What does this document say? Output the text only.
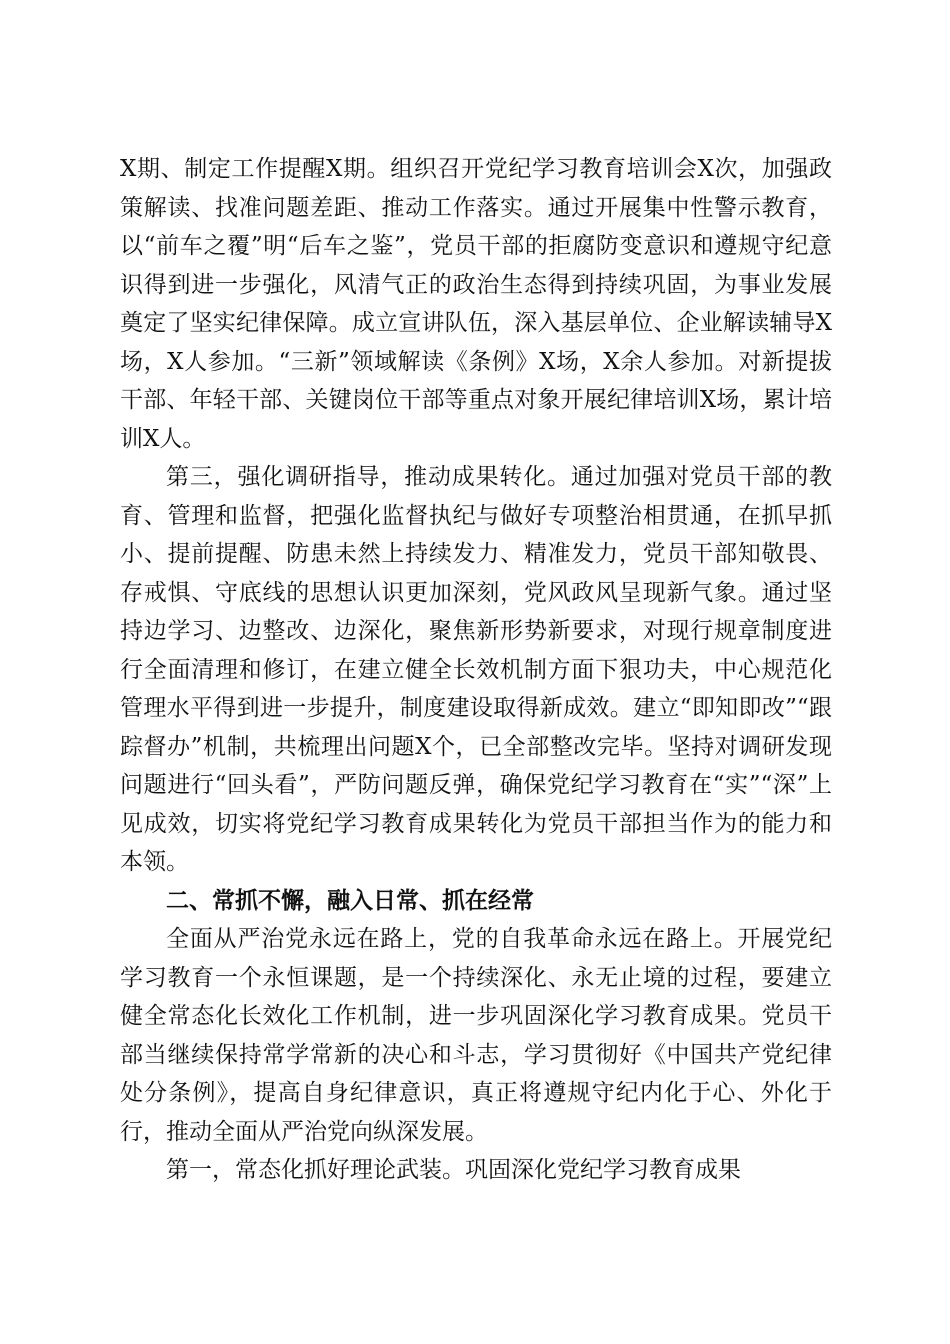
X期、制定工作提醒X期。组织召开党纪学习教育培训会X次，加强政策解读、找准问题差距、推动工作落实。通过开展集中性警示教育，以“前车之覆”明“后车之鉴”，党员干部的拒腐防变意识和遵规守纪意识得到进一步强化，风清气正的政治生态得到持续巩固，为事业发展奠定了坚实纪律保障。成立宣讲队伍，深入基层单位、企业解读辅导X场，X人参加。“三新”领域解读《条例》X场，X余人参加。对新提拔干部、年轻干部、关键岗位干部等重点对象开展纪律培训X场，累计培训X人。

第三，强化调研指导，推动成果转化。通过加强对党员干部的教育、管理和监督，把强化监督执纪与做好专项整治相贯通，在抓早抓小、提前提醒、防患未然上持续发力、精准发力，党员干部知敬畏、存戒惧、守底线的思想认识更加深刻，党风政风呈现新气象。通过坚持边学习、边整改、边深化，聚焦新形势新要求，对现行规章制度进行全面清理和修订，在建立健全长效机制方面下狠功夫，中心规范化管理水平得到进一步提升，制度建设取得新成效。建立“即知即改”“跟踪督办”机制，共梳理出问题X个，已全部整改完毕。坚持对调研发现问题进行“回头看”，严防问题反弹，确保党纪学习教育在“实”“深”上见成效，切实将党纪学习教育成果转化为党员干部担当作为的能力和本领。

二、常抓不懈，融入日常、抓在经常

全面从严治党永远在路上，党的自我革命永远在路上。开展党纪学习教育一个永恒课题，是一个持续深化、永无止境的过程，要建立健全常态化长效化工作机制，进一步巩固深化学习教育成果。党员干部当继续保持常学常新的决心和斗志，学习贯彻好《中国共产党纪律处分条例》，提高自身纪律意识，真正将遵规守纪内化于心、外化于行，推动全面从严治党向纵深发展。

第一，常态化抓好理论武装。巩固深化党纪学习教育成果
